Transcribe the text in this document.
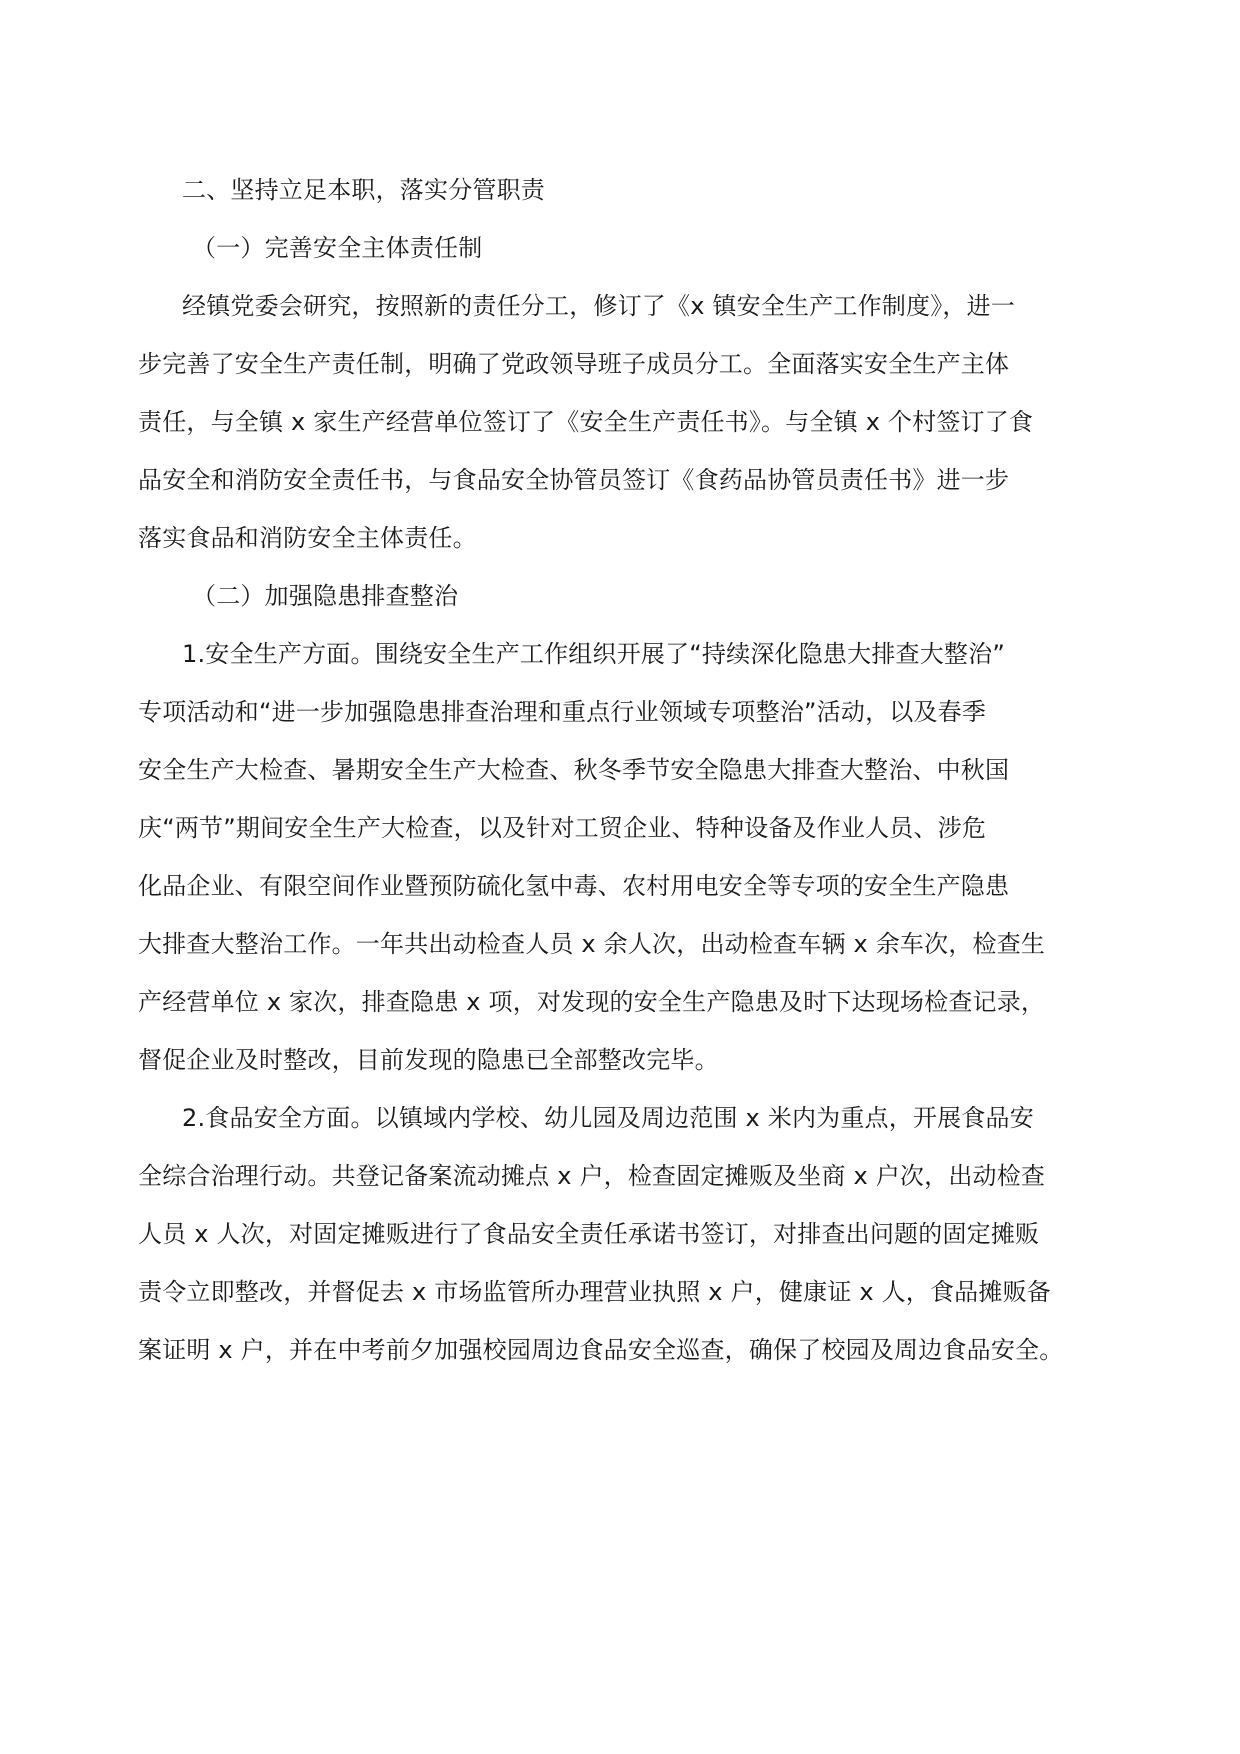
二、坚持立足本职，落实分管职责
（一）完善安全主体责任制
经镇党委会研究，按照新的责任分工，修订了《x 镇安全生产工作制度》，进一
步完善了安全生产责任制，明确了党政领导班子成员分工。全面落实安全生产主体
责任，与全镇 x 家生产经营单位签订了《安全生产责任书》。与全镇 x 个村签订了食
品安全和消防安全责任书，与食品安全协管员签订《食药品协管员责任书》进一步
落实食品和消防安全主体责任。
（二）加强隐患排查整治
1.安全生产方面。围绕安全生产工作组织开展了“持续深化隐患大排查大整治”
专项活动和“进一步加强隐患排查治理和重点行业领域专项整治”活动，以及春季
安全生产大检查、暑期安全生产大检查、秋冬季节安全隐患大排查大整治、中秋国
庆“两节”期间安全生产大检查，以及针对工贸企业、特种设备及作业人员、涉危
化品企业、有限空间作业暨预防硫化氢中毒、农村用电安全等专项的安全生产隐患
大排查大整治工作。一年共出动检查人员 x 余人次，出动检查车辆 x 余车次，检查生
产经营单位 x 家次，排查隐患 x 项，对发现的安全生产隐患及时下达现场检查记录，
督促企业及时整改，目前发现的隐患已全部整改完毕。
2.食品安全方面。以镇域内学校、幼儿园及周边范围 x 米内为重点，开展食品安
全综合治理行动。共登记备案流动摊点 x 户，检查固定摊贩及坐商 x 户次，出动检查
人员 x 人次，对固定摊贩进行了食品安全责任承诺书签订，对排查出问题的固定摊贩
责令立即整改，并督促去 x 市场监管所办理营业执照 x 户，健康证 x 人，食品摊贩备
案证明 x 户，并在中考前夕加强校园周边食品安全巡查，确保了校园及周边食品安全。
